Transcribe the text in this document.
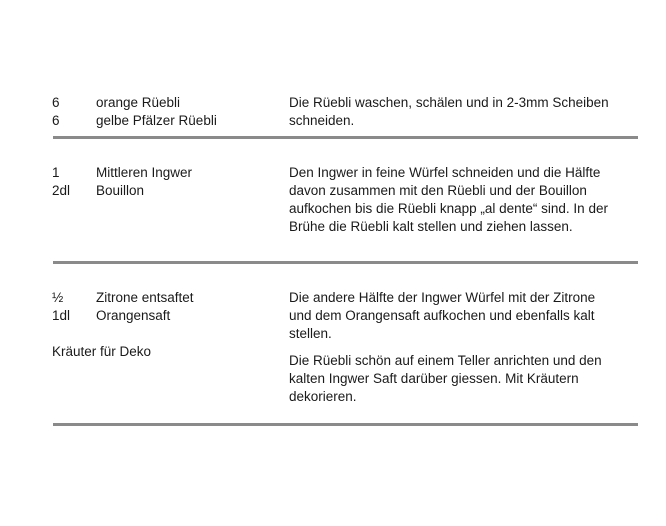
6	orange Rüebli
6	gelbe Pfälzer Rüebli

Die Rüebli waschen, schälen und in 2-3mm Scheiben
schneiden.

1	Mittleren Ingwer
2dl Bouillon

Den Ingwer in feine Würfel schneiden und die Hälfte
davon zusammen mit den Rüebli und der Bouillon
aufkochen bis die Rüebli knapp „al dente“ sind. In der
Brühe die Rüebli kalt stellen und ziehen lassen.

½ Zitrone entsaftet
1dl Orangensaft
Kräuter für Deko

Die andere Hälfte der Ingwer Würfel mit der Zitrone
und dem Orangensaft aufkochen und ebenfalls kalt
stellen.

Die Rüebli schön auf einem Teller anrichten und den
kalten Ingwer Saft darüber giessen. Mit Kräutern
dekorieren.
